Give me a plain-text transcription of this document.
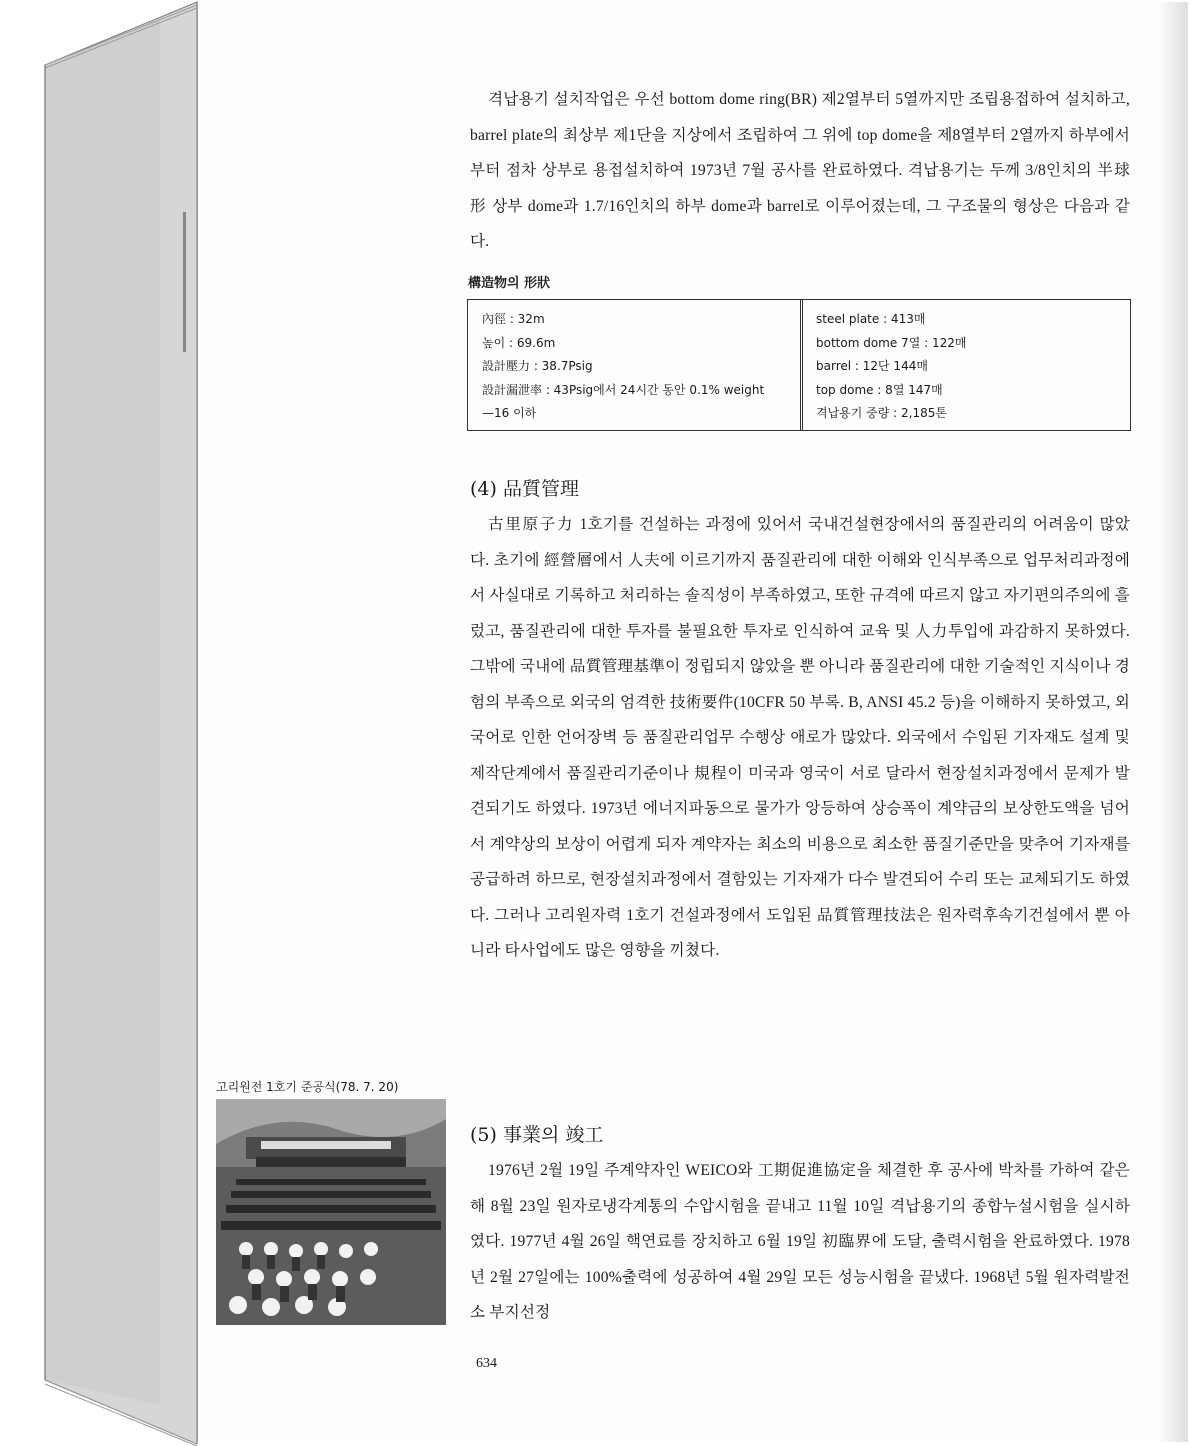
격납용기 설치작업은 우선 bottom dome ring(BR) 제2열부터 5열까지만 조립용접하여 설치하고, barrel plate의 최상부 제1단을 지상에서 조립하여 그 위에 top dome을 제8열부터 2열까지 하부에서부터 점차 상부로 용접설치하여 1973년 7월 공사를 완료하였다. 격납용기는 두께 3/8인치의 半球形 상부 dome과 1.7/16인치의 하부 dome과 barrel로 이루어졌는데, 그 구조물의 형상은 다음과 같다.

構造物의 形狀
內徑 : 32m
높이 : 69.6m
設計壓力 : 38.7Psig
設計漏泄率 : 43Psig에서 24시간 동안 0.1% weight
—16 이하
steel plate : 413매
bottom dome 7열 : 122매
barrel : 12단 144매
top dome : 8열 147매
격납용기 중량 : 2,185톤
(4) 品質管理

古里原子力 1호기를 건설하는 과정에 있어서 국내건설현장에서의 품질관리의 어려움이 많았다. 초기에 經營層에서 人夫에 이르기까지 품질관리에 대한 이해와 인식부족으로 업무처리과정에서 사실대로 기록하고 처리하는 솔직성이 부족하였고, 또한 규격에 따르지 않고 자기편의주의에 흘렀고, 품질관리에 대한 투자를 불필요한 투자로 인식하여 교육 및 人力투입에 과감하지 못하였다. 그밖에 국내에 品質管理基準이 정립되지 않았을 뿐 아니라 품질관리에 대한 기술적인 지식이나 경험의 부족으로 외국의 엄격한 技術要件(10CFR 50 부록. B, ANSI 45.2 등)을 이해하지 못하였고, 외국어로 인한 언어장벽 등 품질관리업무 수행상 애로가 많았다. 외국에서 수입된 기자재도 설계 및 제작단계에서 품질관리기준이나 規程이 미국과 영국이 서로 달라서 현장설치과정에서 문제가 발견되기도 하였다. 1973년 에너지파동으로 물가가 앙등하여 상승폭이 계약금의 보상한도액을 넘어서 계약상의 보상이 어렵게 되자 계약자는 최소의 비용으로 최소한 품질기준만을 맞추어 기자재를 공급하려 하므로, 현장설치과정에서 결함있는 기자재가 다수 발견되어 수리 또는 교체되기도 하였다. 그러나 고리원자력 1호기 건설과정에서 도입된 品質管理技法은 원자력후속기건설에서 뿐 아니라 타사업에도 많은 영향을 끼쳤다.

(5) 事業의 竣工

1976년 2월 19일 주계약자인 WEICO와 工期促進協定을 체결한 후 공사에 박차를 가하여 같은 해 8월 23일 원자로냉각계통의 수압시험을 끝내고 11월 10일 격납용기의 종합누설시험을 실시하였다. 1977년 4월 26일 핵연료를 장치하고 6월 19일 初臨界에 도달, 출력시험을 완료하였다. 1978년 2월 27일에는 100%출력에 성공하여 4월 29일 모든 성능시험을 끝냈다. 1968년 5월 원자력발전소 부지선정

고리원전 1호기 준공식(78. 7. 20)
634
